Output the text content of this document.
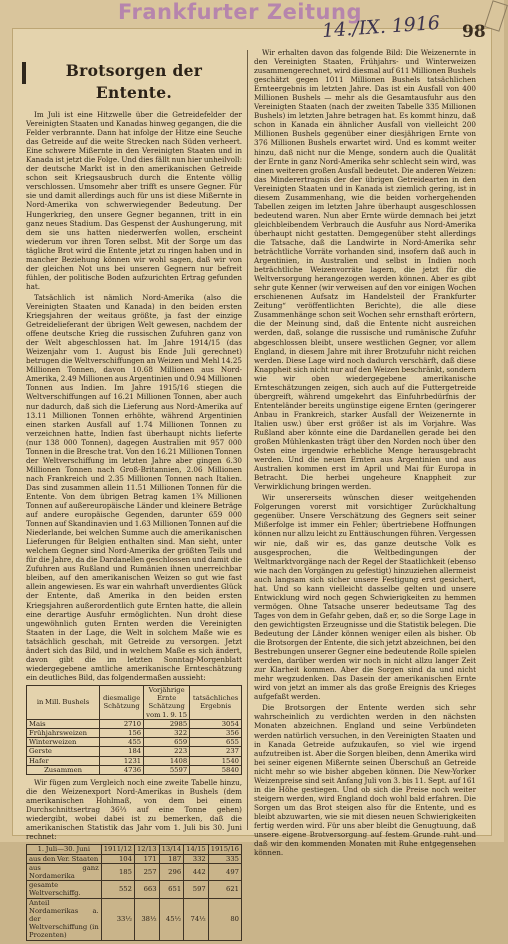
Frankfurter Zeitung
14./IX. 1916 98
Brotsorgen der Entente.

Im Juli ist eine Hitzwelle über die Getreidefelder der Vereinigten Staaten und Kanadas hinweg gegangen, die die Felder verbrannte. Dann hat infolge der Hitze eine Seuche das Getreide auf die weite Strecken nach Süden verheert. Eine schwere Mißernte in den Vereinigten Staaten und in Kanada ist jetzt die Folge. Und dies fällt nun hier unheilvoll: der deutsche Markt ist in den amerikanischen Getreide schon seit Kriegsausbruch durch die Entente völlig verschlossen. Umsomehr aber trifft es unsere Gegner. Für sie und damit allerdings auch für uns ist diese Mißernte in Nord-Amerika von schwerwiegender Bedeutung. Der Hungerkrieg, den unsere Gegner begannen, tritt in ein ganz neues Stadium. Das Gespenst der Aushungerung, mit dem sie uns hatten niederwerfen wollen, erscheint wiederum vor ihren Toren selbst. Mit der Sorge um das tägliche Brot wird die Entente jetzt zu ringen haben und in mancher Beziehung können wir wohl sagen, daß wir von der gleichen Not uns bei unseren Gegnern nur befreit fühlen, der politische Boden aufzurichten Ertrag gefunden hat.

Tatsächlich ist nämlich Nord-Amerika (also die Vereinigten Staaten und Kanada) in den beiden ersten Kriegsjahren der weitaus größte, ja fast der einzige Getreidelieferant der übrigen Welt gewesen, nachdem der offene deutsche Krieg die russischen Zufuhren ganz von der Welt abgeschlossen hat. Im Jahre 1914/15 (das Weizenjahr vom 1. August bis Ende Juli gerechnet) betrugen die Weltverschiffungen an Weizen und Mehl 14.25 Millionen Tonnen, davon 10.68 Millionen aus Nord-Amerika, 2.49 Millionen aus Argentinien und 0.94 Millionen Tonnen aus Indien. Im Jahre 1915/16 stiegen die Weltverschiffungen auf 16.21 Millionen Tonnen, aber auch nur dadurch, daß sich die Lieferung aus Nord-Amerika auf 13.11 Millionen Tonnen erhöhte, während Argentinien einen starken Ausfall auf 1.74 Millionen Tonnen zu verzeichnen hatte, Indien fast überhaupt nichts lieferte (nur 138 000 Tonnen), dagegen Australien mit 957 000 Tonnen in die Bresche trat. Von den 16.21 Millionen Tonnen der Weltverschiffung im letzten Jahre aber gingen 6.30 Millionen Tonnen nach Groß-Britannien, 2.06 Millionen nach Frankreich und 2.35 Millionen Tonnen nach Italien. Das sind zusammen allein 11.51 Millionen Tonnen für die Entente. Von dem übrigen Betrag kamen 1¾ Millionen Tonnen auf außereuropäische Länder und kleinere Beträge auf andere europäische Gegenden, darunter 659 000 Tonnen auf Skandinavien und 1.63 Millionen Tonnen auf die Niederlande, bei welchen Summe auch die amerikanischen Lieferungen für Belgien enthalten sind. Man sieht, unter welchem Gegner sind Nord-Amerika der größten Teils und für die Jahre, da die Dardanellen geschlossen und damit die Zufuhren aus Rußland und Rumänien ihnen unerreichbar bleiben, auf den amerikanischen Weizen so gut wie fast allein angewiesen. Es war ein wahrhaft unverdientes Glück der Entente, daß Amerika in den beiden ersten Kriegsjahren außerordentlich gute Ernten hatte, die allein eine derartige Ausfuhr ermöglichten. Nun droht diese ungewöhnlich guten Ernten werden die Vereinigten Staaten in der Lage, die Welt in solchem Maße wie es tatsächlich geschah, mit Getreide zu versorgen. Jetzt ändert sich das Bild, und in welchem Maße es sich ändert, davon gibt die im letzten Sonntag-Morgenblatt wiedergegebene amtliche amerikanische Ernteschätzung ein deutliches Bild, das folgendermaßen aussieht:

in Mill. Bushels	diesmalige Schätzung	Vorjährige Ernte Schätzung vom 1. 9. 15	tatsächliches Ergebnis
Mais	2710	2985	3054
Frühjahrsweizen	156	322	356
Winterweizen	455	659	655
Gerste	184	223	237
Hafer	1231	1408	1540
Zusammen	4736	5597	5840

Wir fügen zum Vergleich noch eine zweite Tabelle hinzu, die den Weizenexport Nord-Amerikas in Bushels (dem amerikanischen Hohlmaß, von dem bei einem Durchschnittsertrag 36⅔ auf eine Tonne gehen) wiedergibt, wobei dabei ist zu bemerken, daß die amerikanischen Statistik das Jahr vom 1. Juli bis 30. Juni rechnet:

1. Juli—30. Juni	1911/12	12/13	13/14	14/15	1915/16
aus den Ver. Staaten	104	171	187	332	335
aus ganz Nordamerika	185	257	296	442	497
gesamte Weltverschiffg.	552	663	651	597	621
Anteil Nordamerikas a. der Weltverschiffung (in Prozenten)	33½	38½	45½	74½	80

Wir erhalten davon das folgende Bild: Die Weizenernte in den Vereinigten Staaten, Frühjahrs- und Winterweizen zusammengerechnet, wird diesmal auf 611 Millionen Bushels geschätzt gegen 1011 Millionen Bushels tatsächlichen Ernteergebnis im letzten Jahre. Das ist ein Ausfall von 400 Millionen Bushels — mehr als die Gesamtausfuhr aus den Vereinigten Staaten (nach der zweiten Tabelle 335 Millionen Bushels) im letzten Jahre betragen hat. Es kommt hinzu, daß schon in Kanada ein ähnlicher Ausfall von vielleicht 200 Millionen Bushels gegenüber einer diesjährigen Ernte von 376 Millionen Bushels erwartet wird. Und es kommt weiter hinzu, daß nicht nur die Menge, sondern auch die Qualität der Ernte in ganz Nord-Amerika sehr schlecht sein wird, was einen weiteren großen Ausfall bedeutet. Die anderen Weizen: das Minderertragnis der der übrigen Getreidearten in den Vereinigten Staaten und in Kanada ist ziemlich gering, ist in diesem Zusammenhang, wie die beiden vorhergehenden Tabellen zeigen im letzten Jahre überhaupt ausgeschlossen bedeutend waren. Nun aber Ernte würde demnach bei jetzt gleichbleibendem Verbrauch die Ausfuhr aus Nord-Amerika überhaupt nicht gestatten. Demgegenüber steht allerdings die Tatsache, daß die Landwirte in Nord-Amerika sehr beträchtliche Vorräte vorhanden sind, insofern daß auch in Argentinien, in Australien und selbst in Indien noch beträchtliche Weizenvorräte lagern, die jetzt für die Weltversorgung herangezogen werden können. Aber es gibt sehr gute Kenner (wir verweisen auf den vor einigen Wochen erschienenen Aufsatz im Handelsteil der Frankfurter Zeitung“ veröffentlichten Berichte), die alle diese Zusammenhänge schon seit Wochen sehr ernsthaft erörtern, die der Meinung sind, daß die Entente nicht ausreichen werden, daß, solange die russische und rumänische Zufuhr abgeschlossen bleibt, unsere westlichen Gegner, vor allem England, in diesem Jahre mit ihrer Brotzufuhr nicht reichen werden. Diese Lage wird noch dadurch verschärft, daß diese Knappheit sich nicht nur auf den Weizen beschränkt, sondern wie wir oben wiedergegebene amerikanische Ernteschätzungen zeigen, sich auch auf die Futtergetreide übergreift, während umgekehrt das Einfuhrbedürfnis der Ententeländer bereits ungünstige eigene Ernten (geringerer Anbau in Frankreich, starker Ausfall der Weizenernte in Italien usw.) über erst größer ist als im Vorjahre. Was Rußland aber könnte eine die Dardanellen gerade bei den großen Mühlenkasten trägt über den Norden noch über den Osten eine irgendwie erhebliche Menge herausgebracht werden. Und die neuen Ernten aus Argentinien und aus Australien kommen erst im April und Mai für Europa in Betracht. Die herbei ungeheure Knappheit zur Verwirklichung bringen werden.

Wir unsererseits wünschen dieser weitgehenden Folgerungen vorerst mit vorsichtiger Zurückhaltung gegenüber. Unsere Verschätzung des Gegners seit seiner Mißerfolge ist immer ein Fehler; übertriebene Hoffnungen können nur allzu leicht zu Enttäuschungen führen. Vergessen wir nie, daß wir es, das ganze deutsche Volk es ausgesprochen, die Weltbedingungen der Weltmarktvorgänge nach der Regel der Staatlichkeit (ebenso wie nach den Vorgängen zu gefestigt) hinzuziehen allermeist auch langsam sich sicher unsere Festigung erst gesichert, hat. Und so kann vielleicht dasselbe gelten und unsere Entwicklung wird noch gegen Schwierigkeiten zu hemmen vermögen. Ohne Tatsache unserer bedeutsame Tag des Tages von dem in Gefahr geben, daß er, so die Sorge Lage in den gewichtigsten Erzeugnisse und die Statistik belegen. Die Bedeutung der Länder können weniger eilen als bisher. Ob die Brotsorgen der Entente, die sich jetzt abzeichnen, bei den Bestrebungen unserer Gegner eine bedeutende Rolle spielen werden, darüber werden wir noch in nicht allzu langer Zeit zur Klarheit kommen. Aber die Sorgen sind da und nicht mehr wegzudenken. Das Dasein der amerikanischen Ernte wird von jetzt an immer als das große Ereignis des Krieges aufgefaßt werden.

Die Brotsorgen der Entente werden sich sehr wahrscheinlich zu verdichten werden in den nächsten Monaten abzeichnen. England und seine Verbündeten werden natürlich versuchen, in den Vereinigten Staaten und in Kanada Getreide aufzukaufen, so viel wie irgend aufzutreiben ist. Aber die Sorgen bleiben, denn Amerika wird bei seiner eigenen Mißernte seinen Überschuß an Getreide nicht mehr so wie bisher abgeben können. Die New-Yorker Weizenpreise sind seit Anfang Juli von 3. bis 11. Sept. auf 161 in die Höhe gestiegen. Und ob sich die Preise noch weiter steigern werden, wird England doch wohl bald erfahren. Die Sorgen um das Brot steigen also für die Entente, und es bleibt abzuwarten, wie sie mit diesen neuen Schwierigkeiten fertig werden wird. Für uns aber bleibt die Genugtuung, daß unsere eigene Brotversorgung auf festem Grunde ruht und daß wir den kommenden Monaten mit Ruhe entgegensehen können.
